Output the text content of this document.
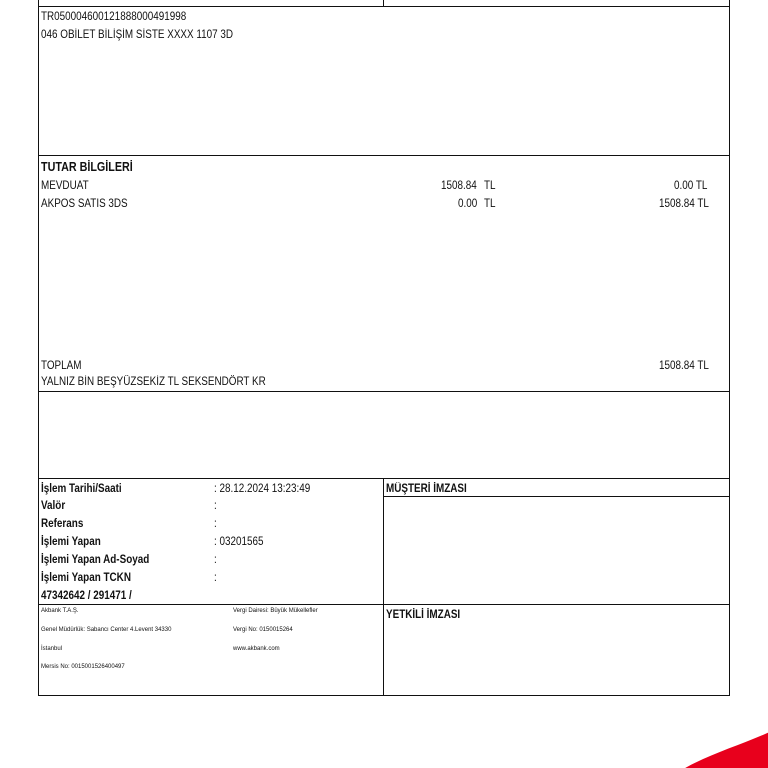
TR050004600121888000491998
046 OBİLET BİLİŞİM SİSTE XXXX 1107 3D
TUTAR BİLGİLERİ
MEVDUAT	1508.84 TL	0.00 TL
AKPOS SATIS 3DS	0.00 TL	1508.84 TL
TOPLAM	1508.84 TL
YALNIZ BİN BEŞYÜZSEKİZ TL SEKSENDÖRT KR
İşlem Tarihi/Saati	: 28.12.2024 13:23:49
Valör	:
Referans	:
İşlemi Yapan	: 03201565
İşlemi Yapan Ad-Soyad	:
İşlemi Yapan TCKN	:
47342642 / 291471 /
MÜŞTERİ İMZASI
Akbank T.A.Ş.
Genel Müdürlük: Sabancı Center 4.Levent 34330
İstanbul
Mersis No: 0015001526400497
Vergi Dairesi: Büyük Mükellefler
Vergi No: 0150015264
www.akbank.com
YETKİLİ İMZASI
